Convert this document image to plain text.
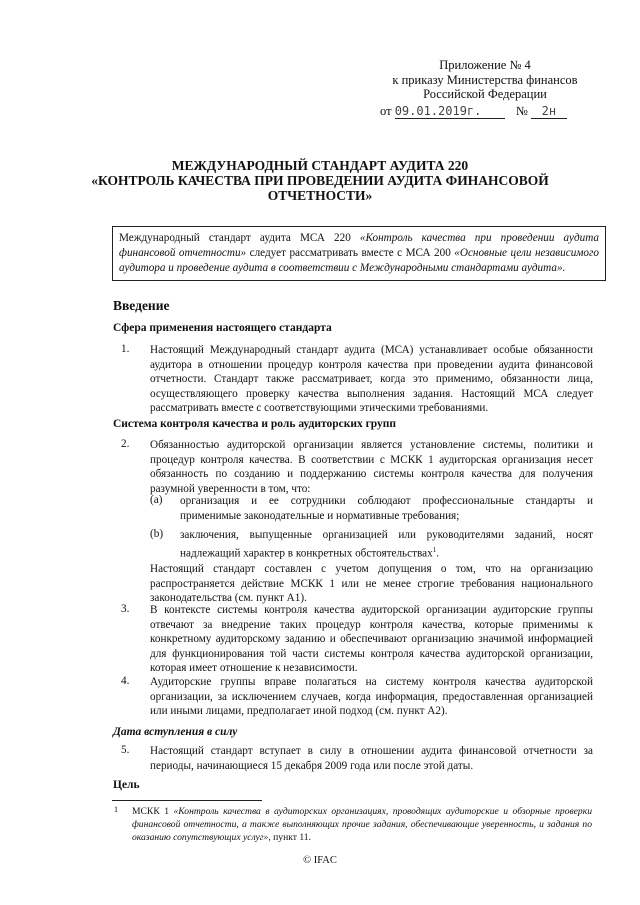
Приложение № 4
к приказу Министерства финансов
Российской Федерации
от 09.01.2019г.	№ 2н
МЕЖДУНАРОДНЫЙ СТАНДАРТ АУДИТА 220
«КОНТРОЛЬ КАЧЕСТВА ПРИ ПРОВЕДЕНИИ АУДИТА ФИНАНСОВОЙ ОТЧЕТНОСТИ»
Международный стандарт аудита МСА 220 «Контроль качества при проведении аудита финансовой отчетности» следует рассматривать вместе с МСА 200 «Основные цели независимого аудитора и проведение аудита в соответствии с Международными стандартами аудита».
Введение
Сфера применения настоящего стандарта
1. Настоящий Международный стандарт аудита (МСА) устанавливает особые обязанности аудитора в отношении процедур контроля качества при проведении аудита финансовой отчетности. Стандарт также рассматривает, когда это применимо, обязанности лица, осуществляющего проверку качества выполнения задания. Настоящий МСА следует рассматривать вместе с соответствующими этическими требованиями.
Система контроля качества и роль аудиторских групп
2. Обязанностью аудиторской организации является установление системы, политики и процедур контроля качества. В соответствии с МСКК 1 аудиторская организация несет обязанность по созданию и поддержанию системы контроля качества для получения разумной уверенности в том, что:
(a) организация и ее сотрудники соблюдают профессиональные стандарты и применимые законодательные и нормативные требования;
(b) заключения, выпущенные организацией или руководителями заданий, носят надлежащий характер в конкретных обстоятельствах$^1$.
Настоящий стандарт составлен с учетом допущения о том, что на организацию распространяется действие МСКК 1 или не менее строгие требования национального законодательства (см. пункт А1).
3. В контексте системы контроля качества аудиторской организации аудиторские группы отвечают за внедрение таких процедур контроля качества, которые применимы к конкретному аудиторскому заданию и обеспечивают организацию значимой информацией для функционирования той части системы контроля качества аудиторской организации, которая имеет отношение к независимости.
4. Аудиторские группы вправе полагаться на систему контроля качества аудиторской организации, за исключением случаев, когда информация, предоставленная организацией или иными лицами, предполагает иной подход (см. пункт А2).
Дата вступления в силу
5. Настоящий стандарт вступает в силу в отношении аудита финансовой отчетности за периоды, начинающиеся 15 декабря 2009 года или после этой даты.
Цель
1 МСКК 1 «Контроль качества в аудиторских организациях, проводящих аудиторские и обзорные проверки финансовой отчетности, а также выполняющих прочие задания, обеспечивающие уверенность, и задания по оказанию сопутствующих услуг», пункт 11.
© IFAC
